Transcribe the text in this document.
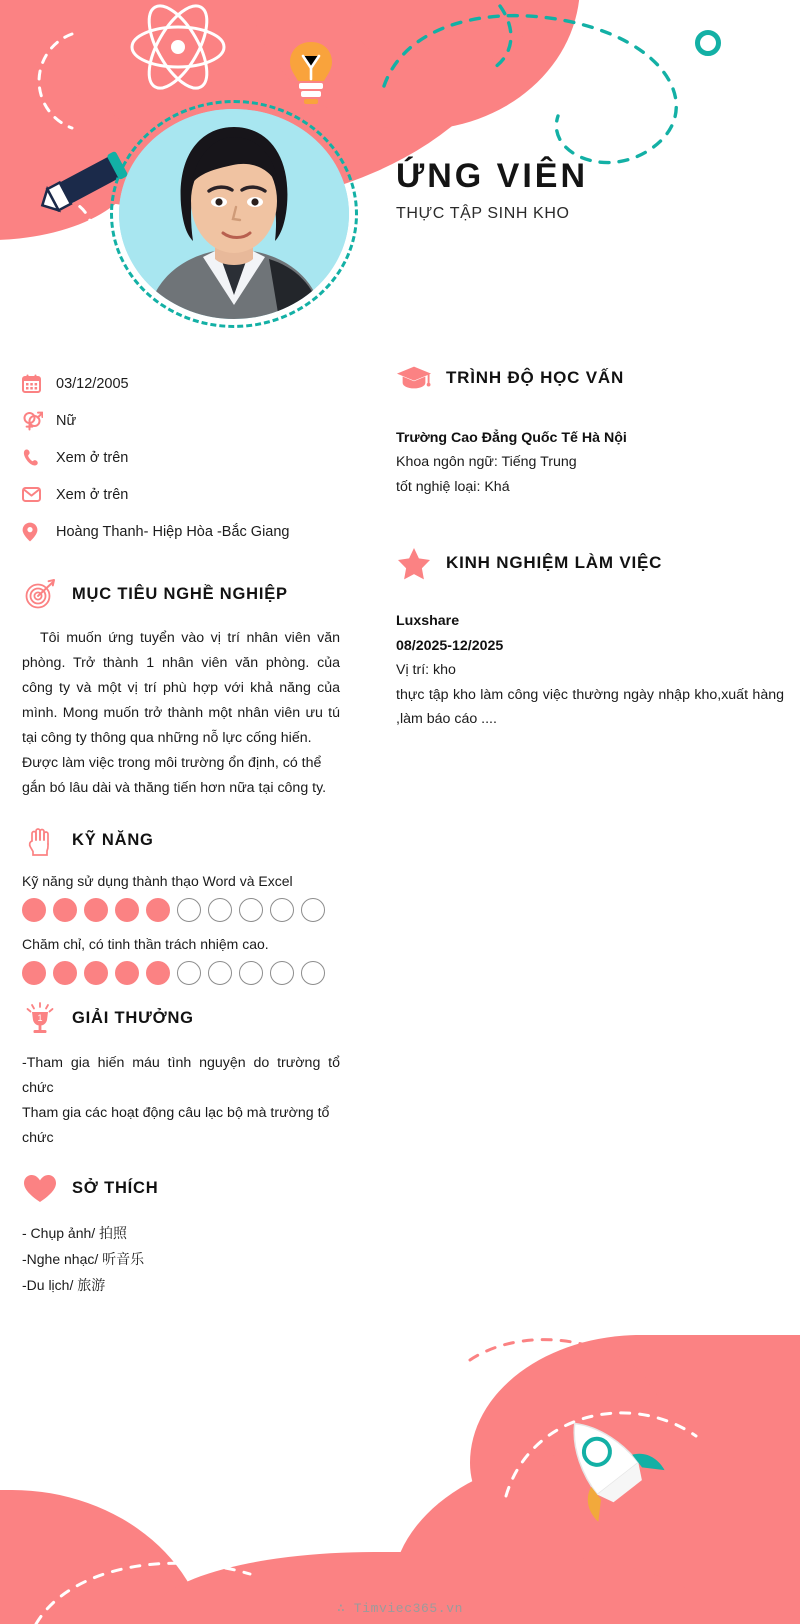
ỨNG VIÊN
THỰC TẬP SINH KHO
03/12/2005
Nữ
Xem ở trên
Xem ở trên
Hoàng Thanh- Hiệp Hòa -Bắc Giang
MỤC TIÊU NGHỀ NGHIỆP
Tôi muốn ứng tuyển vào vị trí nhân viên văn phòng. Trở thành 1 nhân viên văn phòng. của công ty và một vị trí phù hợp với khả năng của mình. Mong muốn trở thành một nhân viên ưu tú tại công ty thông qua những nỗ lực cống hiến.
Được làm việc trong môi trường ổn định, có thể gắn bó lâu dài và thăng tiến hơn nữa tại công ty.
KỸ NĂNG
Kỹ năng sử dụng thành thạo Word và Excel
Chăm chỉ, có tinh thần trách nhiệm cao.
1 GIẢI THƯỞNG
-Tham gia hiến máu tình nguyện do trường tổ chức
Tham gia các hoạt động câu lạc bộ mà trường tổ chức
SỞ THÍCH
- Chụp ảnh/ 拍照
-Nghe nhạc/ 听音乐
-Du lịch/ 旅游
TRÌNH ĐỘ HỌC VẤN
Trường Cao Đẳng Quốc Tế Hà Nội
Khoa ngôn ngữ: Tiếng Trung
tốt nghiệ loại: Khá
KINH NGHIỆM LÀM VIỆC
Luxshare
08/2025-12/2025
Vị trí: kho
thực tập kho làm công việc thường ngày nhập kho,xuất hàng ,làm báo cáo ....
∴ Timviec365.vn
